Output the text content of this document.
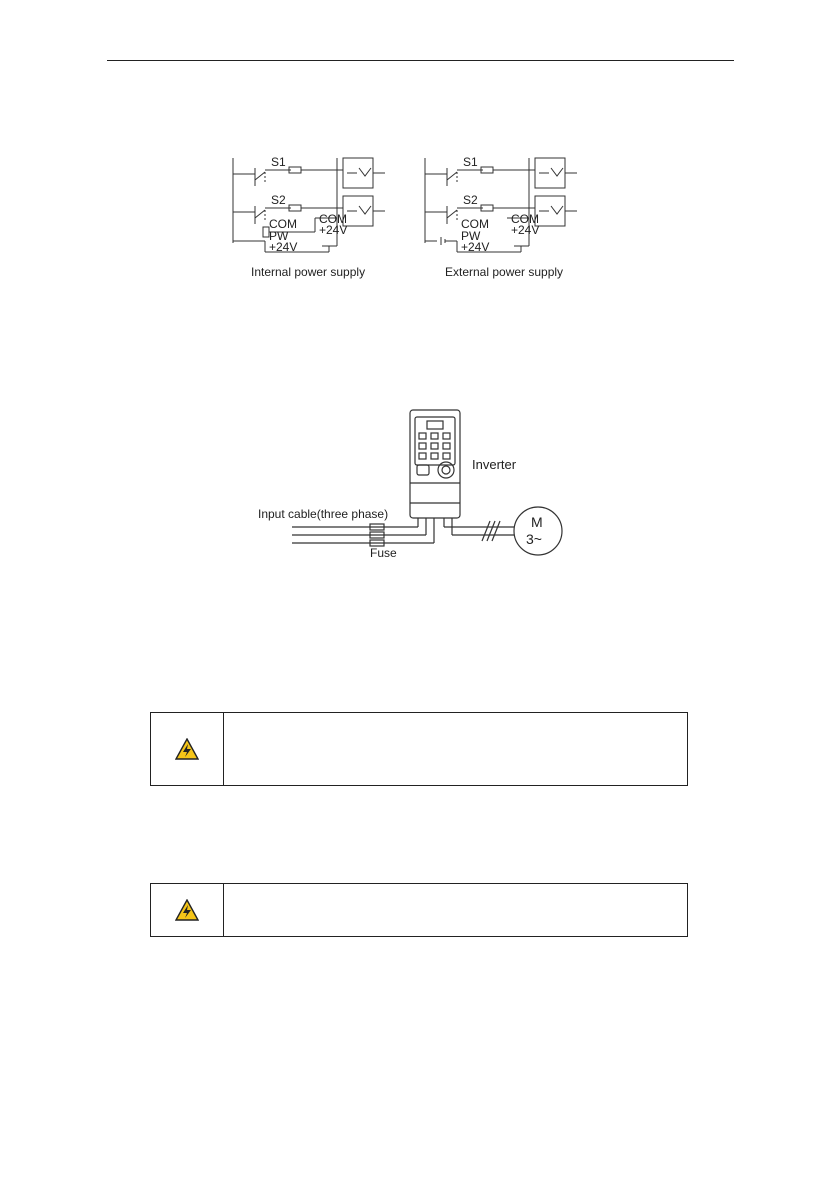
S1
S2
COM COM
+24V
PW
+24V
Internal power supply
S1
S2
COM COM
+24V
PW
+24V
External power supply
Inverter
Input cable(three phase)
Fuse
M
3~
